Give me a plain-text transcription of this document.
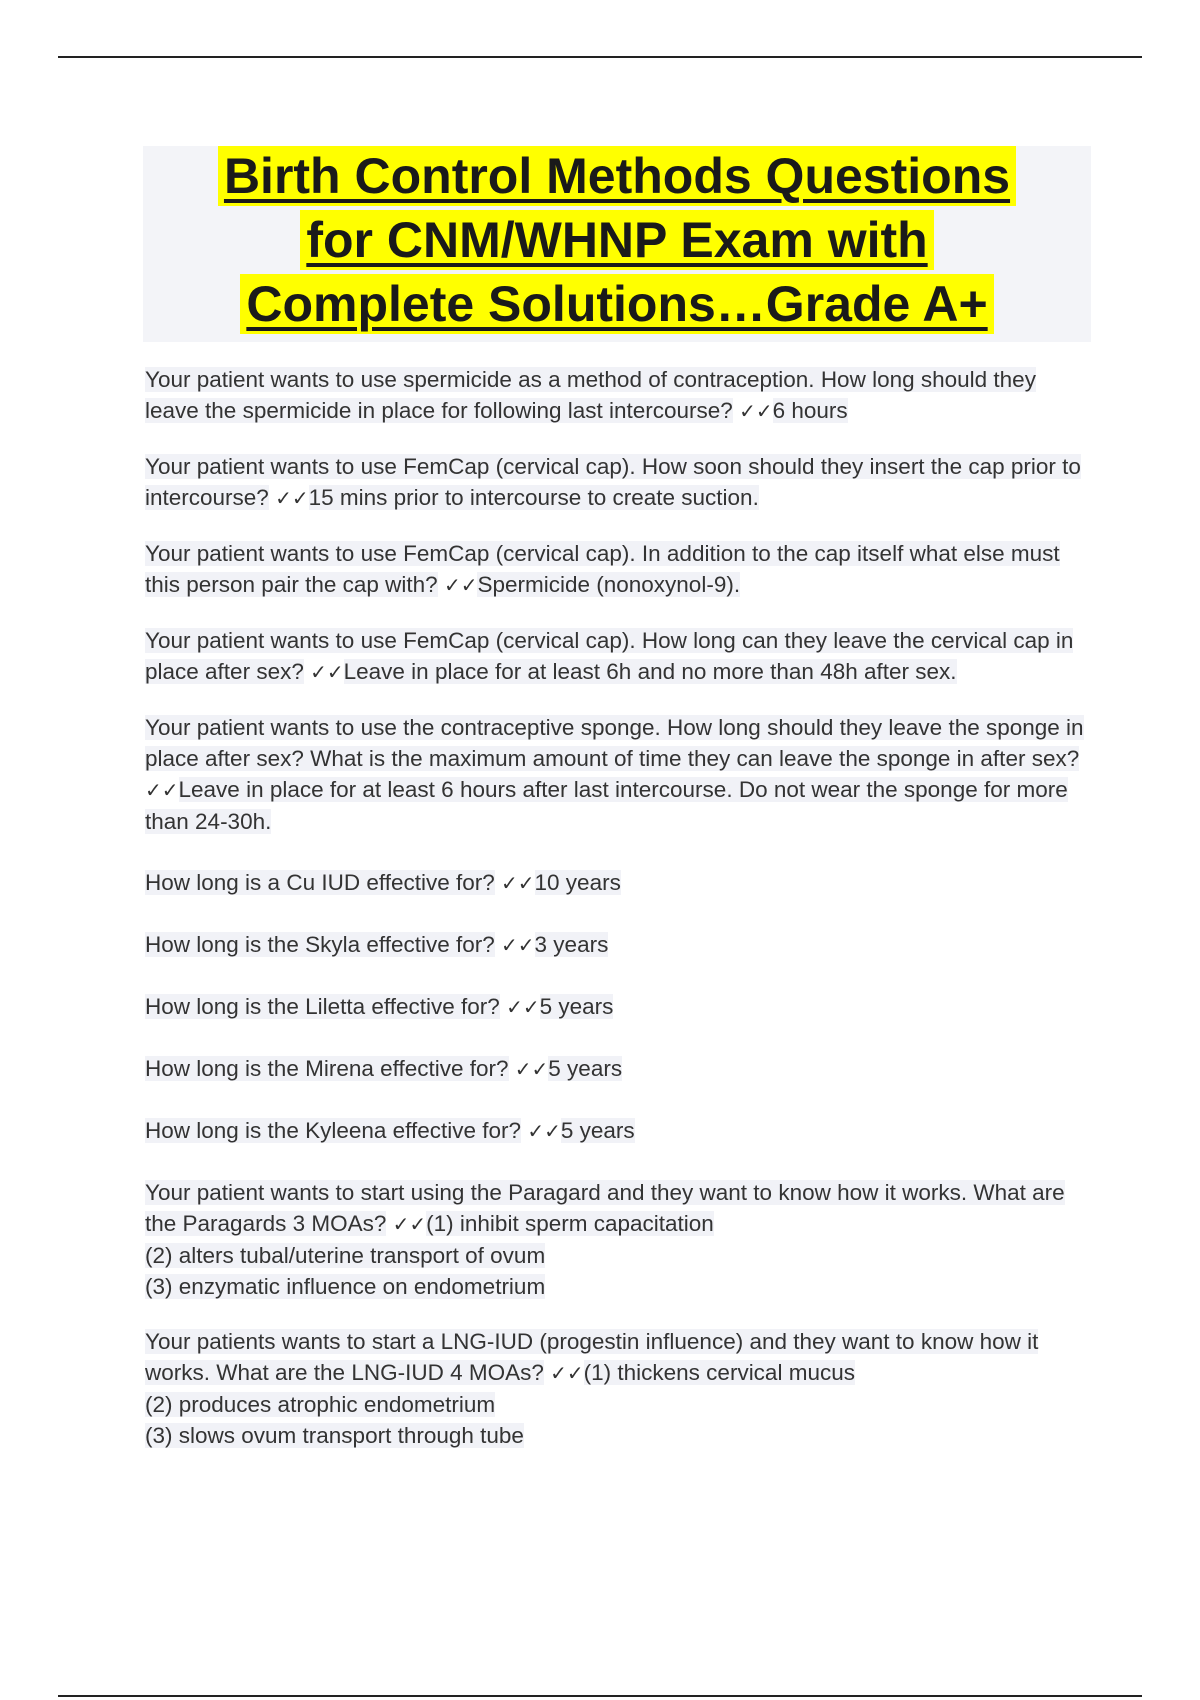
Birth Control Methods Questions
for CNM/WHNP Exam with
Complete Solutions…Grade A+

Your patient wants to use spermicide as a method of contraception. How long should they leave the spermicide in place for following last intercourse? ✓✓6 hours

Your patient wants to use FemCap (cervical cap). How soon should they insert the cap prior to intercourse? ✓✓15 mins prior to intercourse to create suction.

Your patient wants to use FemCap (cervical cap). In addition to the cap itself what else must this person pair the cap with? ✓✓Spermicide (nonoxynol-9).

Your patient wants to use FemCap (cervical cap). How long can they leave the cervical cap in place after sex? ✓✓Leave in place for at least 6h and no more than 48h after sex.

Your patient wants to use the contraceptive sponge. How long should they leave the sponge in place after sex? What is the maximum amount of time they can leave the sponge in after sex? ✓✓Leave in place for at least 6 hours after last intercourse. Do not wear the sponge for more than 24-30h.

How long is a Cu IUD effective for? ✓✓10 years

How long is the Skyla effective for? ✓✓3 years

How long is the Liletta effective for? ✓✓5 years

How long is the Mirena effective for? ✓✓5 years

How long is the Kyleena effective for? ✓✓5 years

Your patient wants to start using the Paragard and they want to know how it works. What are the Paragards 3 MOAs? ✓✓(1) inhibit sperm capacitation
(2) alters tubal/uterine transport of ovum
(3) enzymatic influence on endometrium

Your patients wants to start a LNG-IUD (progestin influence) and they want to know how it works. What are the LNG-IUD 4 MOAs? ✓✓(1) thickens cervical mucus
(2) produces atrophic endometrium
(3) slows ovum transport through tube
